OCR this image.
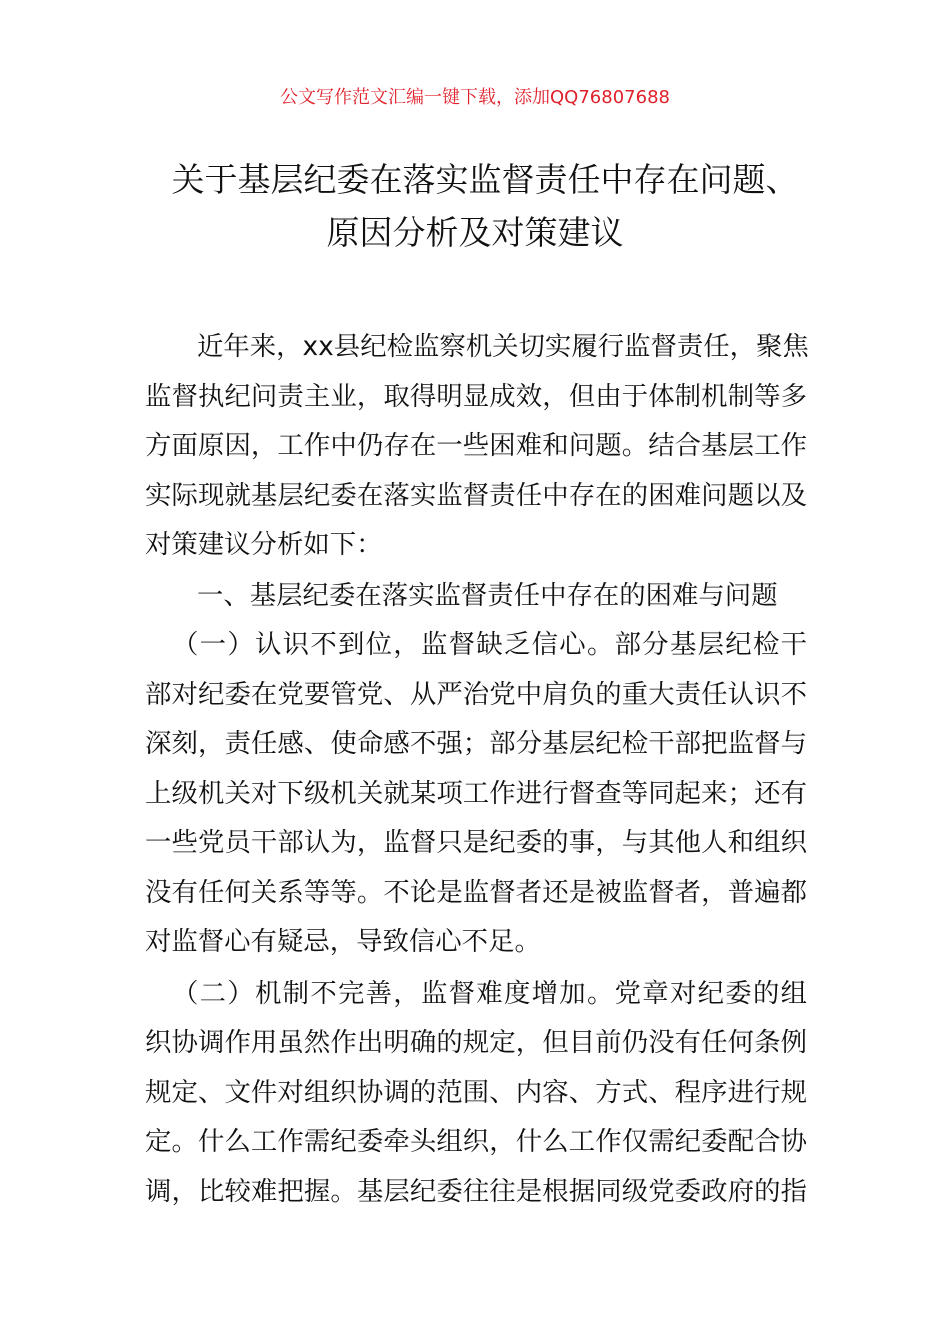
公文写作范文汇编一键下载，添加QQ76807688
关于基层纪委在落实监督责任中存在问题、
原因分析及对策建议
近年来，xx县纪检监察机关切实履行监督责任，聚焦
监督执纪问责主业，取得明显成效，但由于体制机制等多
方面原因，工作中仍存在一些困难和问题。结合基层工作
实际现就基层纪委在落实监督责任中存在的困难问题以及
对策建议分析如下：
一、基层纪委在落实监督责任中存在的困难与问题
（一）认识不到位，监督缺乏信心。部分基层纪检干
部对纪委在党要管党、从严治党中肩负的重大责任认识不
深刻，责任感、使命感不强；部分基层纪检干部把监督与
上级机关对下级机关就某项工作进行督查等同起来；还有
一些党员干部认为，监督只是纪委的事，与其他人和组织
没有任何关系等等。不论是监督者还是被监督者，普遍都
对监督心有疑忌，导致信心不足。
（二）机制不完善，监督难度增加。党章对纪委的组
织协调作用虽然作出明确的规定，但目前仍没有任何条例
规定、文件对组织协调的范围、内容、方式、程序进行规
定。什么工作需纪委牵头组织，什么工作仅需纪委配合协
调，比较难把握。基层纪委往往是根据同级党委政府的指
